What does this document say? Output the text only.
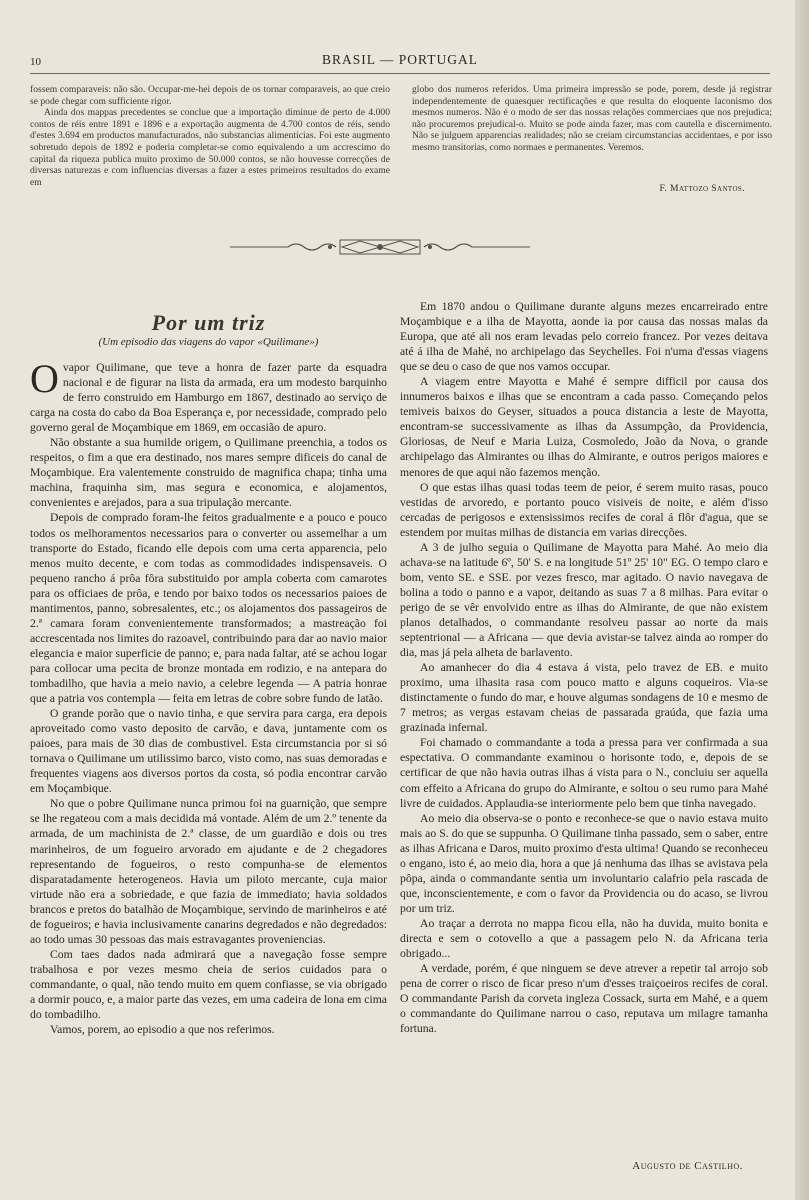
10	BRASIL — PORTUGAL

fossem comparaveis: não são. Occupar-me-hei depois de os tornar comparaveis, ao que creio se pode chegar com sufficiente rigor.

Ainda dos mappas precedentes se conclue que a importação diminue de perto de 4.000 contos de réis entre 1891 e 1896 e a exportação augmenta de 4.700 contos de réis, sendo d'estes 3.694 em productos manufacturados, não substancias alimenticias. Foi este augmento sobretudo depois de 1892 e poderia completar-se como equivalendo a um accrescimo do capital da riqueza publica muito proximo de 50.000 contos, se não houvesse correcções de diversas naturezas e com influencias diversas a fazer a estes primeiros resultados do exame em

globo dos numeros referidos. Uma primeira impressão se pode, porem, desde já registrar independentemente de quaesquer rectificações e que resulta do eloquente laconismo dos mesmos numeros. Não é o modo de ser das nossas relações commerciaes que nos prejudica; não procuremos prejudical-o. Muito se pode ainda fazer, mas com cautella e discernimento. Não se julguem apparencias realidades; não se creiam circumstancias accidentaes, e por isso mesmo transitorias, como normaes e permanentes. Veremos.

F. Mattozo Santos.
Por um triz
(Um episodio das viagens do vapor «Quilimane»)

Ovapor Quilimane, que teve a honra de fazer parte da esquadra nacional e de figurar na lista da armada, era um modesto barquinho de ferro construido em Hamburgo em 1867, destinado ao serviço de carga na costa do cabo da Boa Esperança e, por necessidade, comprado pelo governo geral de Moçambique em 1869, em occasião de apuro.

Não obstante a sua humilde origem, o Quilimane preenchia, a todos os respeitos, o fim a que era destinado, nos mares sempre dificeis do canal de Moçambique. Era valentemente construido de magnifica chapa; tinha uma machina, fraquinha sim, mas segura e economica, e alojamentos, convenientes e arejados, para a sua tripulação mercante.

Depois de comprado foram-lhe feitos gradualmente e a pouco e pouco todos os melhoramentos necessarios para o converter ou assemelhar a um transporte do Estado, ficando elle depois com uma certa apparencia, pelo menos muito decente, e com todas as commodidades indispensaveis. O pequeno rancho á prôa fôra substituido por ampla coberta com camarotes para os officiaes de prôa, e tendo por baixo todos os necessarios paioes de mantimentos, panno, sobresalentes, etc.; os alojamentos dos passageiros de 2.ª camara foram convenientemente transformados; a mastreação foi accrescentada nos limites do razoavel, contribuindo para dar ao navio maior elegancia e maior superficie de panno; e, para nada faltar, até se achou logar para collocar uma pecita de bronze montada em rodizio, e na antepara do tombadilho, que havia a meio navio, a celebre legenda — A patria honrae que a patria vos contempla — feita em letras de cobre sobre fundo de latão.

O grande porão que o navio tinha, e que servira para carga, era depois aproveitado como vasto deposito de carvão, e dava, juntamente com os paioes, para mais de 30 dias de combustivel. Esta circumstancia por si só tornava o Quilimane um utilissimo barco, visto como, nas suas demoradas e frequentes viagens aos diversos portos da costa, só podia encontrar carvão em Moçambique.

No que o pobre Quilimane nunca primou foi na guarnição, que sempre se lhe regateou com a mais decidida má vontade. Além de um 2.º tenente da armada, de um machinista de 2.ª classe, de um guardião e dois ou tres marinheiros, de um fogueiro arvorado em ajudante e de 2 chegadores representando de fogueiros, o resto compunha-se de elementos disparatadamente heterogeneos. Havia um piloto mercante, cuja maior virtude não era a sobriedade, e que fazia de immediato; havia soldados brancos e pretos do batalhão de Moçambique, servindo de marinheiros e até de fogueiros; e havia inclusivamente canarins degredados e não degredados: ao todo umas 30 pessoas das mais estravagantes proveniencias.

Com taes dados nada admirará que a navegação fosse sempre trabalhosa e por vezes mesmo cheia de serios cuidados para o commandante, o qual, não tendo muito em quem confiasse, se via obrigado a dormir pouco, e, a maior parte das vezes, em uma cadeira de lona em cima do tombadilho.

Vamos, porem, ao episodio a que nos referimos.

Em 1870 andou o Quilimane durante alguns mezes encarreirado entre Moçambique e a ilha de Mayotta, aonde ia por causa das nossas malas da Europa, que até ali nos eram levadas pelo correio francez. Por vezes deitava até á ilha de Mahé, no archipelago das Seychelles. Foi n'uma d'essas viagens que se deu o caso de que nos vamos occupar.

A viagem entre Mayotta e Mahé é sempre difficil por causa dos innumeros baixos e ilhas que se encontram a cada passo. Começando pelos temiveis baixos do Geyser, situados a pouca distancia a leste de Mayotta, encontram-se successivamente as ilhas da Assumpção, da Providencia, Gloriosas, de Neuf e Maria Luiza, Cosmoledo, João da Nova, o grande archipelago das Almirantes ou ilhas do Almirante, e outros perigos maiores e menores de que aqui não fazemos menção.

O que estas ilhas quasi todas teem de peior, é serem muito rasas, pouco vestidas de arvoredo, e portanto pouco visiveis de noite, e além d'isso cercadas de perigosos e extensissimos recifes de coral á flôr d'agua, que se estendem por muitas milhas de distancia em varias direcções.

A 3 de julho seguia o Quilimane de Mayotta para Mahé. Ao meio dia achava-se na latitude 6º, 50' S. e na longitude 51º 25' 10" EG. O tempo claro e bom, vento SE. e SSE. por vezes fresco, mar agitado. O navio navegava de bolina a todo o panno e a vapor, deitando as suas 7 a 8 milhas. Para evitar o perigo de se vêr envolvido entre as ilhas do Almirante, de que não existem planos detalhados, o commandante resolveu passar ao norte da mais septentrional — a Africana — que devia avistar-se talvez ainda ao romper do dia, mas já pela alheta de barlavento.

Ao amanhecer do dia 4 estava á vista, pelo travez de EB. e muito proximo, uma ilhasita rasa com pouco matto e alguns coqueiros. Via-se distinctamente o fundo do mar, e houve algumas sondagens de 10 e mesmo de 7 metros; as vergas estavam cheias de passarada graúda, que fazia uma grazinada infernal.

Foi chamado o commandante a toda a pressa para ver confirmada a sua espectativa. O commandante examinou o horisonte todo, e, depois de se certificar de que não havia outras ilhas á vista para o N., concluiu ser aquella com effeito a Africana do grupo do Almirante, e soltou o seu rumo para Mahé livre de cuidados. Applaudia-se interiormente pelo bem que tinha navegado.

Ao meio dia observa-se o ponto e reconhece-se que o navio estava muito mais ao S. do que se suppunha. O Quilimane tinha passado, sem o saber, entre as ilhas Africana e Daros, muito proximo d'esta ultima! Quando se reconheceu o engano, isto é, ao meio dia, hora a que já nenhuma das ilhas se avistava pela pôpa, ainda o commandante sentia um involuntario calafrio pela rascada de que, inconscientemente, e com o favor da Providencia ou do acaso, se livrou por um triz.

Ao traçar a derrota no mappa ficou ella, não ha duvida, muito bonita e directa e sem o cotovello a que a passagem pelo N. da Africana teria obrigado...

A verdade, porém, é que ninguem se deve atrever a repetir tal arrojo sob pena de correr o risco de ficar preso n'um d'esses traiçoeiros recifes de coral. O commandante Parish da corveta ingleza Cossack, surta em Mahé, e a quem o commandante do Quilimane narrou o caso, reputava um milagre tamanha fortuna.

Augusto de Castilho.
